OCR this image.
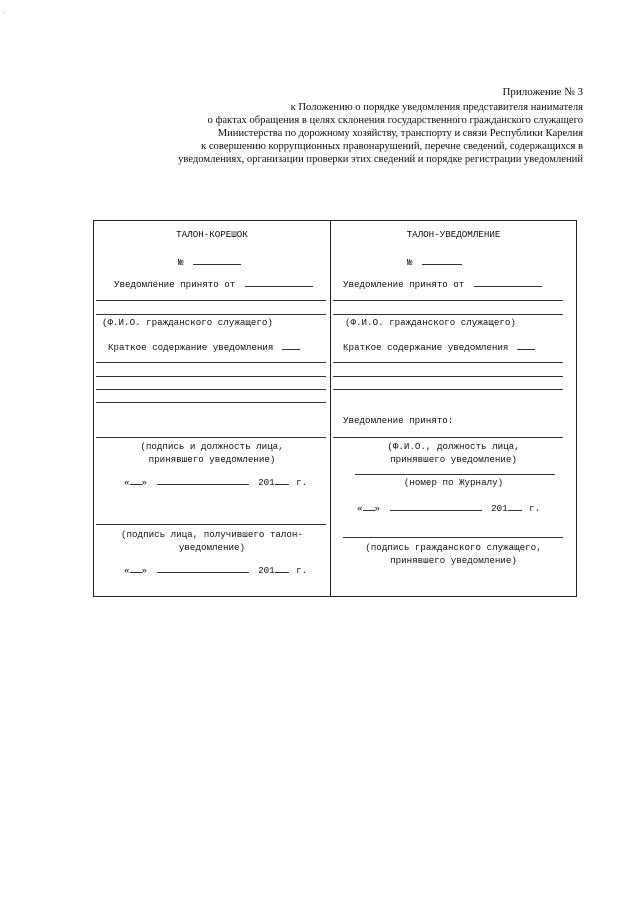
-
Приложение № 3
к Положению о порядке уведомления представителя нанимателя
о фактах обращения в целях склонения государственного гражданского служащего
Министерства по дорожному хозяйству, транспорту и связи Республики Карелия
к совершению коррупционных правонарушений, перечне сведений, содержащихся в
уведомлениях, организации проверки этих сведений и порядке регистрации уведомлений
ТАЛОН-КОРЕШОК
№
Уведомление принято от
(Ф.И.О. гражданского служащего)
Краткое содержание уведомления
(подпись и должность лица,
принявшего уведомление)
« »	201 г.
(подпись лица, получившего талон-
уведомление)
« »	201 г.
ТАЛОН-УВЕДОМЛЕНИЕ
№
Уведомление принято от
(Ф.И.О. гражданского служащего)
Краткое содержание уведомления
Уведомление принято:
(Ф.И.О., должность лица,
принявшего уведомление)
(номер по Журналу)
« »	201 г.
(подпись гражданского служащего,
принявшего уведомление)
